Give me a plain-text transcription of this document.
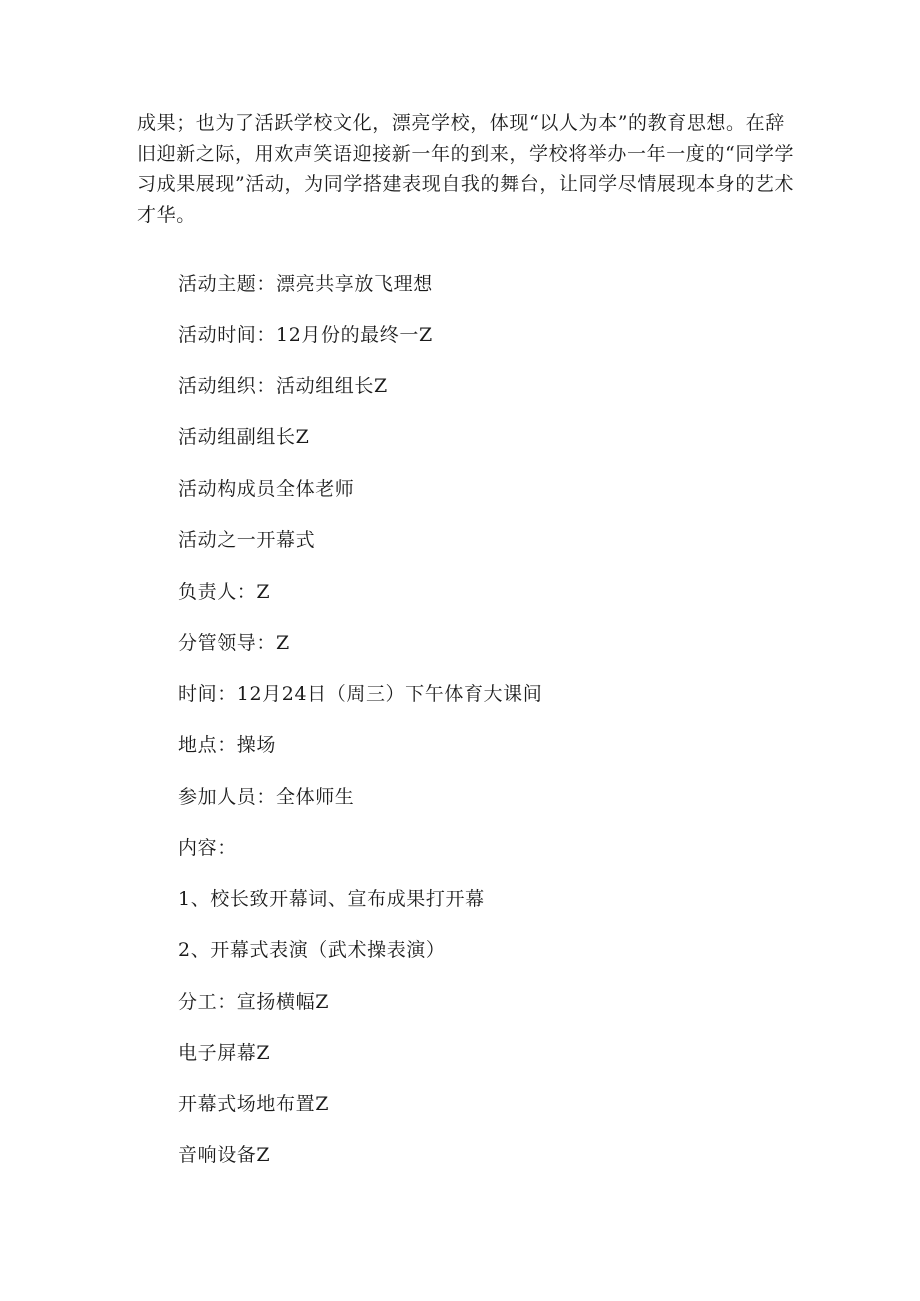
成果；也为了活跃学校文化，漂亮学校，体现“以人为本”的教育思想。在辞旧迎新之际，用欢声笑语迎接新一年的到来，学校将举办一年一度的“同学学习成果展现”活动，为同学搭建表现自我的舞台，让同学尽情展现本身的艺术才华。

活动主题：漂亮共享放飞理想

活动时间：12月份的最终一Z

活动组织：活动组组长Z

活动组副组长Z

活动构成员全体老师

活动之一开幕式

负责人：Z

分管领导：Z

时间：12月24日（周三）下午体育大课间

地点：操场

参加人员：全体师生

内容：

1、校长致开幕词、宣布成果打开幕

2、开幕式表演（武术操表演）

分工：宣扬横幅Z

电子屏幕Z

开幕式场地布置Z

音响设备Z
